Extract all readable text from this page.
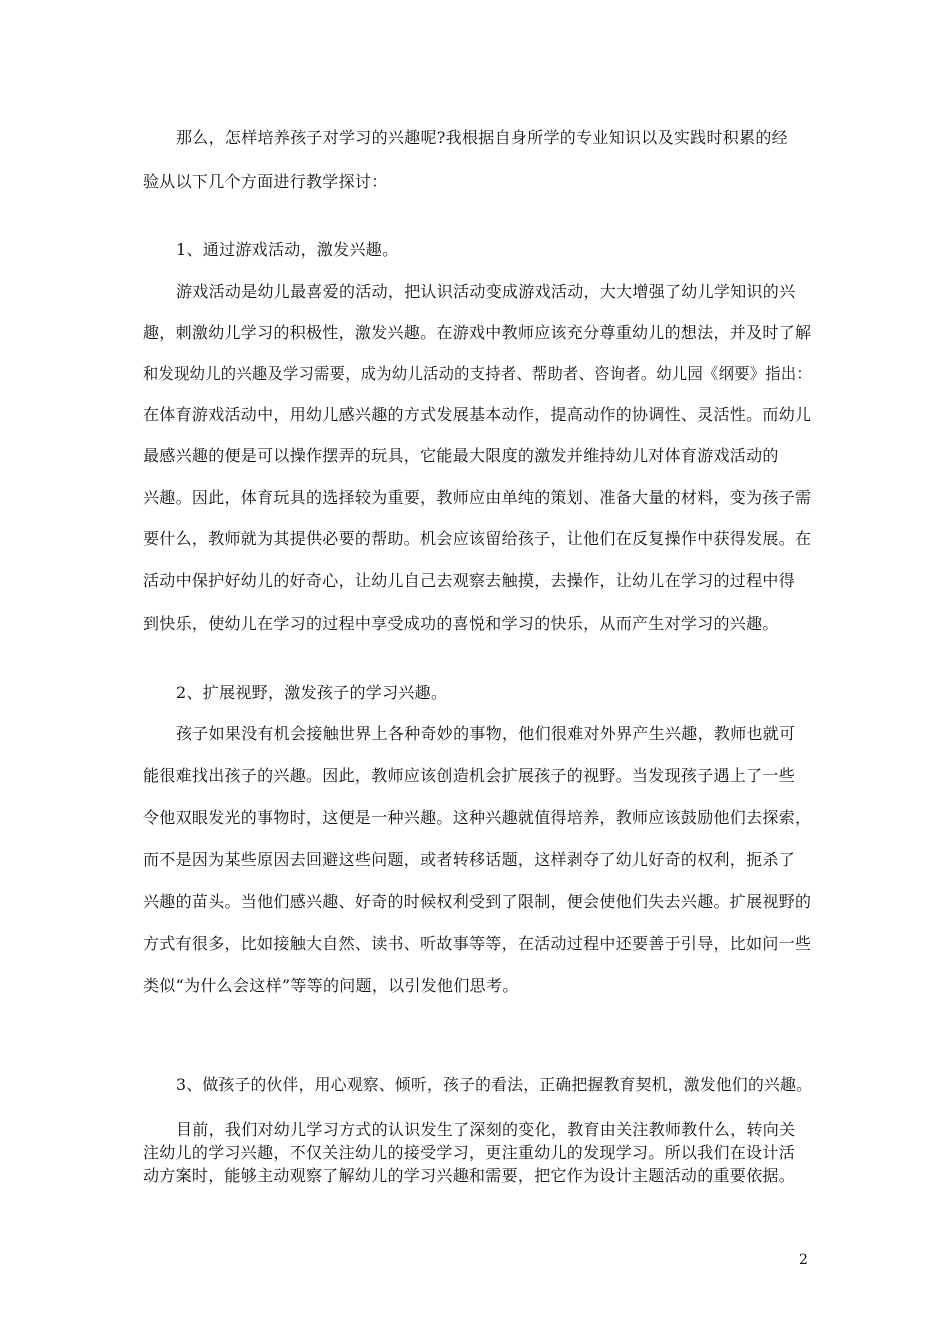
那么，怎样培养孩子对学习的兴趣呢?我根据自身所学的专业知识以及实践时积累的经
验从以下几个方面进行教学探讨：
1、通过游戏活动，激发兴趣。
游戏活动是幼儿最喜爱的活动，把认识活动变成游戏活动，大大增强了幼儿学知识的兴
趣，刺激幼儿学习的积极性，激发兴趣。在游戏中教师应该充分尊重幼儿的想法，并及时了解
和发现幼儿的兴趣及学习需要，成为幼儿活动的支持者、帮助者、咨询者。幼儿园《纲要》指出：
在体育游戏活动中，用幼儿感兴趣的方式发展基本动作，提高动作的协调性、灵活性。而幼儿
最感兴趣的便是可以操作摆弄的玩具，它能最大限度的激发并维持幼儿对体育游戏活动的
兴趣。因此，体育玩具的选择较为重要，教师应由单纯的策划、准备大量的材料，变为孩子需
要什么，教师就为其提供必要的帮助。机会应该留给孩子，让他们在反复操作中获得发展。在
活动中保护好幼儿的好奇心，让幼儿自己去观察去触摸，去操作，让幼儿在学习的过程中得
到快乐，使幼儿在学习的过程中享受成功的喜悦和学习的快乐，从而产生对学习的兴趣。
2、扩展视野，激发孩子的学习兴趣。
孩子如果没有机会接触世界上各种奇妙的事物，他们很难对外界产生兴趣，教师也就可
能很难找出孩子的兴趣。因此，教师应该创造机会扩展孩子的视野。当发现孩子遇上了一些
令他双眼发光的事物时，这便是一种兴趣。这种兴趣就值得培养，教师应该鼓励他们去探索，
而不是因为某些原因去回避这些问题，或者转移话题，这样剥夺了幼儿好奇的权利，扼杀了
兴趣的苗头。当他们感兴趣、好奇的时候权利受到了限制，便会使他们失去兴趣。扩展视野的
方式有很多，比如接触大自然、读书、听故事等等，在活动过程中还要善于引导，比如问一些
类似“为什么会这样”等等的问题，以引发他们思考。
3、做孩子的伙伴，用心观察、倾听，孩子的看法，正确把握教育契机，激发他们的兴趣。
目前，我们对幼儿学习方式的认识发生了深刻的变化，教育由关注教师教什么，转向关
注幼儿的学习兴趣，不仅关注幼儿的接受学习，更注重幼儿的发现学习。所以我们在设计活
动方案时，能够主动观察了解幼儿的学习兴趣和需要，把它作为设计主题活动的重要依据。
2
